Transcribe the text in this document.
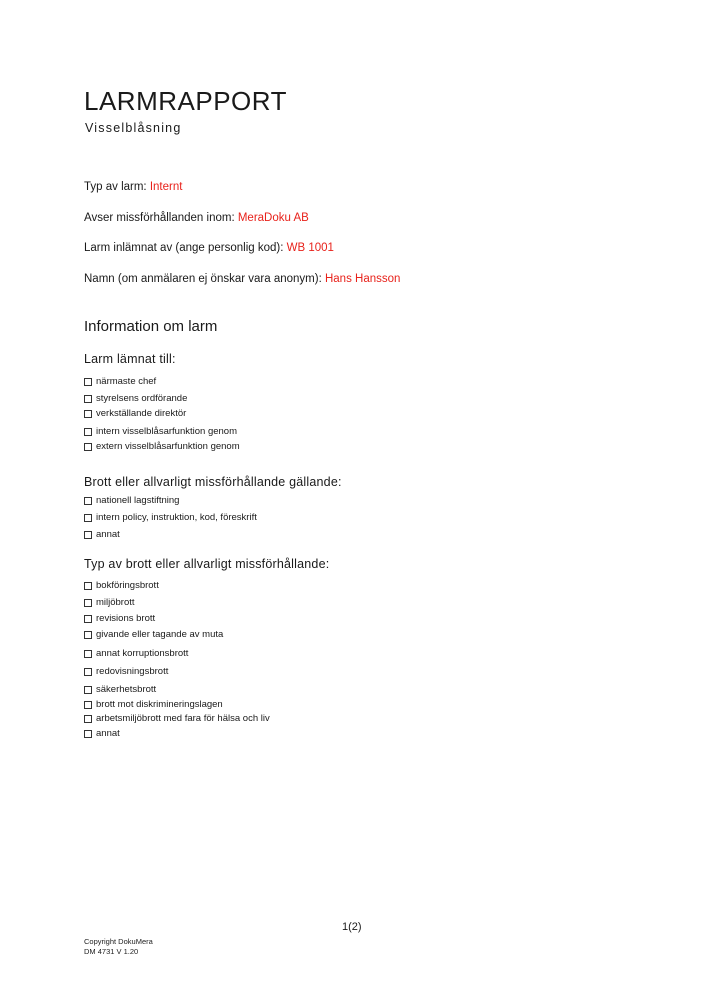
LARMRAPPORT
Visselblåsning
Typ av larm: Internt
Avser missförhållanden inom: MeraDoku AB
Larm inlämnat av (ange personlig kod): WB 1001
Namn (om anmälaren ej önskar vara anonym): Hans Hansson
Information om larm
Larm lämnat till:
närmaste chef
styrelsens ordförande
verkställande direktör
intern visselblåsarfunktion genom
extern visselblåsarfunktion genom
Brott eller allvarligt missförhållande gällande:
nationell lagstiftning
intern policy, instruktion, kod, föreskrift
annat
Typ av brott eller allvarligt missförhållande:
bokföringsbrott
miljöbrott
revisions brott
givande eller tagande av muta
annat korruptionsbrott
redovisningsbrott
säkerhetsbrott
brott mot diskrimineringslagen
arbetsmiljöbrott med fara för hälsa och liv
annat
1(2)
Copyright DokuMera
DM 4731 V 1.20
